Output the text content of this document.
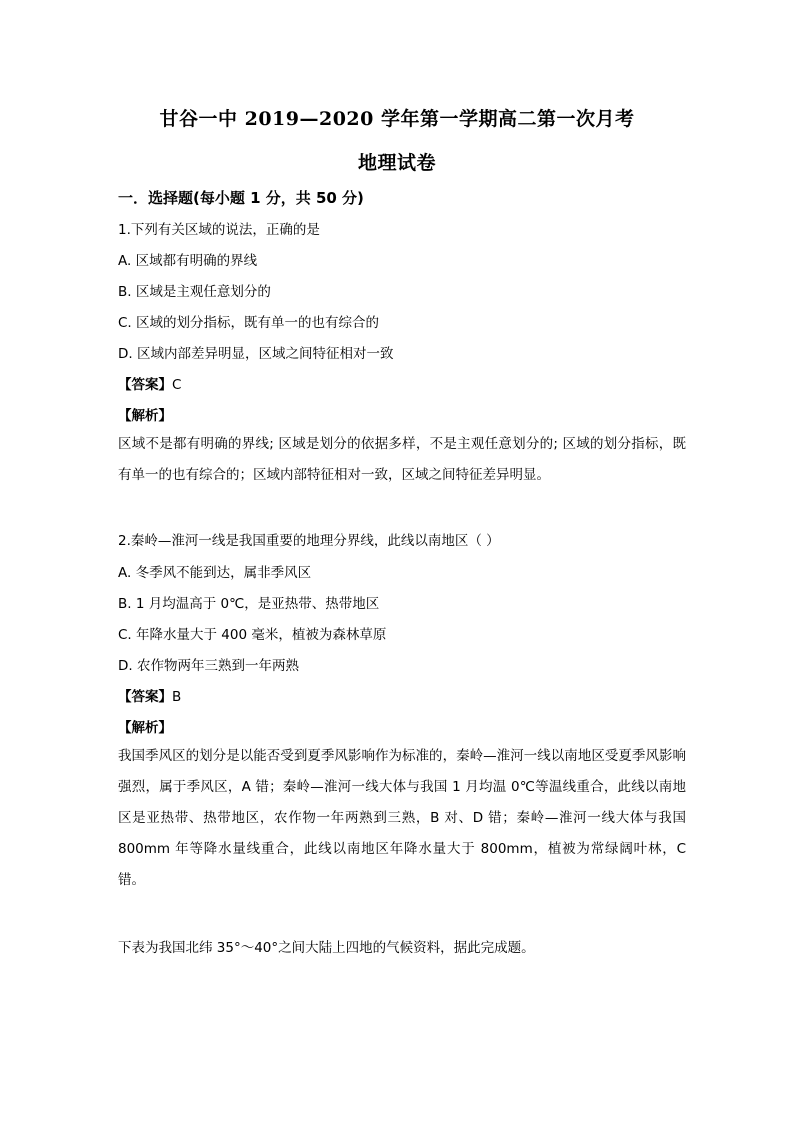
甘谷一中 2019—2020 学年第一学期高二第一次月考
地理试卷
一．选择题(每小题 1 分，共 50 分)
1.下列有关区域的说法，正确的是
A. 区域都有明确的界线
B. 区域是主观任意划分的
C. 区域的划分指标，既有单一的也有综合的
D. 区域内部差异明显，区域之间特征相对一致
【答案】C
【解析】
区域不是都有明确的界线; 区域是划分的依据多样，不是主观任意划分的; 区域的划分指标，既有单一的也有综合的；区域内部特征相对一致，区域之间特征差异明显。
2.秦岭—淮河一线是我国重要的地理分界线，此线以南地区（ ）
A. 冬季风不能到达，属非季风区
B. 1 月均温高于 0℃，是亚热带、热带地区
C. 年降水量大于 400 毫米，植被为森林草原
D. 农作物两年三熟到一年两熟
【答案】B
【解析】
我国季风区的划分是以能否受到夏季风影响作为标准的，秦岭—淮河一线以南地区受夏季风影响强烈，属于季风区，A 错；秦岭—淮河一线大体与我国 1 月均温 0℃等温线重合，此线以南地区是亚热带、热带地区，农作物一年两熟到三熟，B 对、D 错；秦岭—淮河一线大体与我国 800mm 年等降水量线重合，此线以南地区年降水量大于 800mm，植被为常绿阔叶林，C 错。
下表为我国北纬 35°～40°之间大陆上四地的气候资料，据此完成题。
